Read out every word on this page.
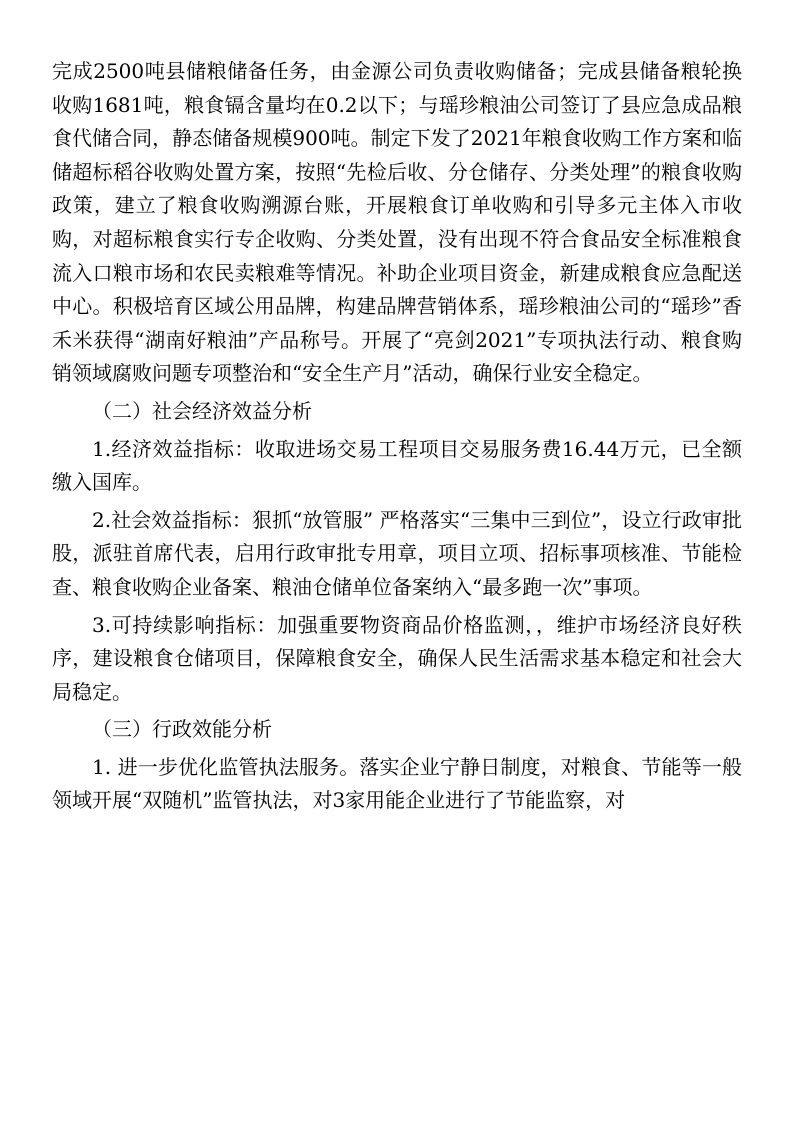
完成2500吨县储粮储备任务，由金源公司负责收购储备；完成县储备粮轮换收购1681吨，粮食镉含量均在0.2以下；与瑶珍粮油公司签订了县应急成品粮食代储合同，静态储备规模900吨。制定下发了2021年粮食收购工作方案和临储超标稻谷收购处置方案，按照“先检后收、分仓储存、分类处理”的粮食收购政策，建立了粮食收购溯源台账，开展粮食订单收购和引导多元主体入市收购，对超标粮食实行专企收购、分类处置，没有出现不符合食品安全标准粮食流入口粮市场和农民卖粮难等情况。补助企业项目资金，新建成粮食应急配送中心。积极培育区域公用品牌，构建品牌营销体系，瑶珍粮油公司的“瑶珍”香禾米获得“湖南好粮油”产品称号。开展了“亮剑2021”专项执法行动、粮食购销领域腐败问题专项整治和“安全生产月”活动，确保行业安全稳定。

（二）社会经济效益分析

1.经济效益指标：收取进场交易工程项目交易服务费16.44万元，已全额缴入国库。

2.社会效益指标：狠抓“放管服” 严格落实“三集中三到位”，设立行政审批股，派驻首席代表，启用行政审批专用章，项目立项、招标事项核准、节能检查、粮食收购企业备案、粮油仓储单位备案纳入“最多跑一次”事项。

3.可持续影响指标：加强重要物资商品价格监测，，维护市场经济良好秩序，建设粮食仓储项目，保障粮食安全，确保人民生活需求基本稳定和社会大局稳定。

（三）行政效能分析

1. 进一步优化监管执法服务。落实企业宁静日制度，对粮食、节能等一般领域开展“双随机”监管执法，对3家用能企业进行了节能监察，对
